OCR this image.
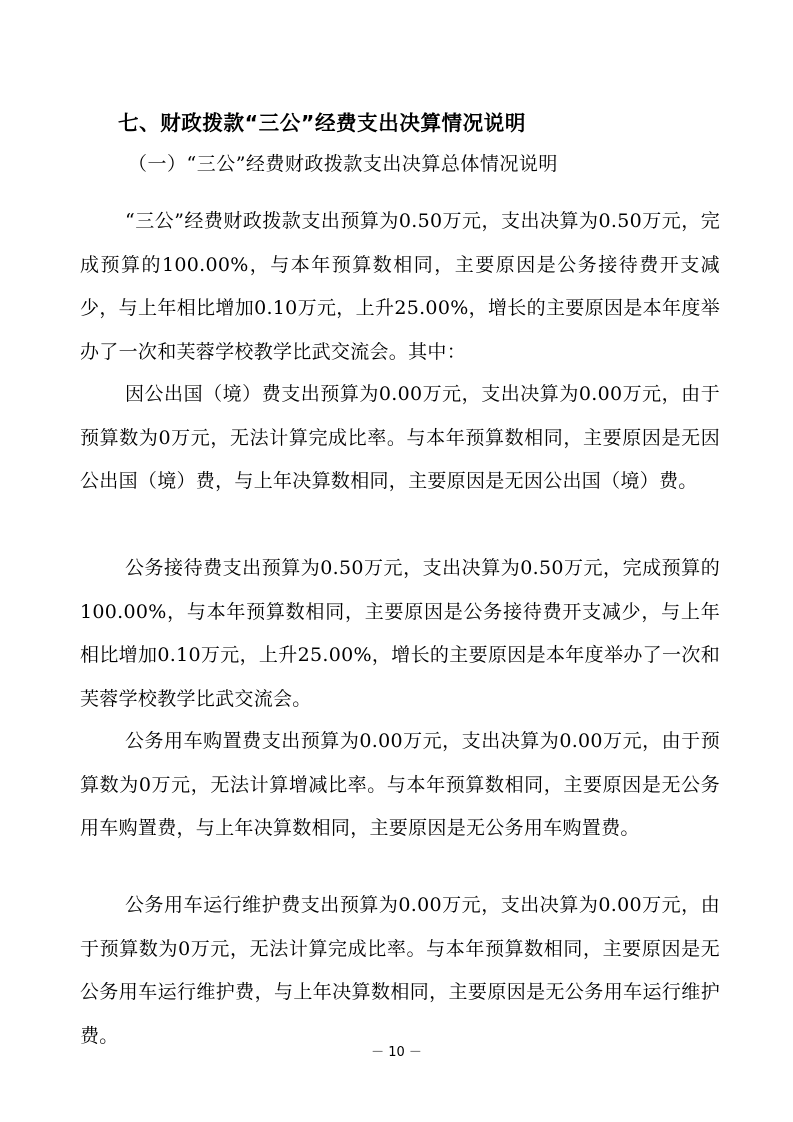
七、财政拨款“三公”经费支出决算情况说明
（一）“三公”经费财政拨款支出决算总体情况说明

“三公”经费财政拨款支出预算为0.50万元，支出决算为0.50万元，完成预算的100.00%，与本年预算数相同，主要原因是公务接待费开支减少，与上年相比增加0.10万元，上升25.00%，增长的主要原因是本年度举办了一次和芙蓉学校教学比武交流会。其中：

因公出国（境）费支出预算为0.00万元，支出决算为0.00万元，由于预算数为0万元，无法计算完成比率。与本年预算数相同，主要原因是无因公出国（境）费，与上年决算数相同，主要原因是无因公出国（境）费。

公务接待费支出预算为0.50万元，支出决算为0.50万元，完成预算的100.00%，与本年预算数相同，主要原因是公务接待费开支减少，与上年相比增加0.10万元，上升25.00%，增长的主要原因是本年度举办了一次和芙蓉学校教学比武交流会。

公务用车购置费支出预算为0.00万元，支出决算为0.00万元，由于预算数为0万元，无法计算增减比率。与本年预算数相同，主要原因是无公务用车购置费，与上年决算数相同，主要原因是无公务用车购置费。

公务用车运行维护费支出预算为0.00万元，支出决算为0.00万元，由于预算数为0万元，无法计算完成比率。与本年预算数相同，主要原因是无公务用车运行维护费，与上年决算数相同，主要原因是无公务用车运行维护费。

－ 10 －
